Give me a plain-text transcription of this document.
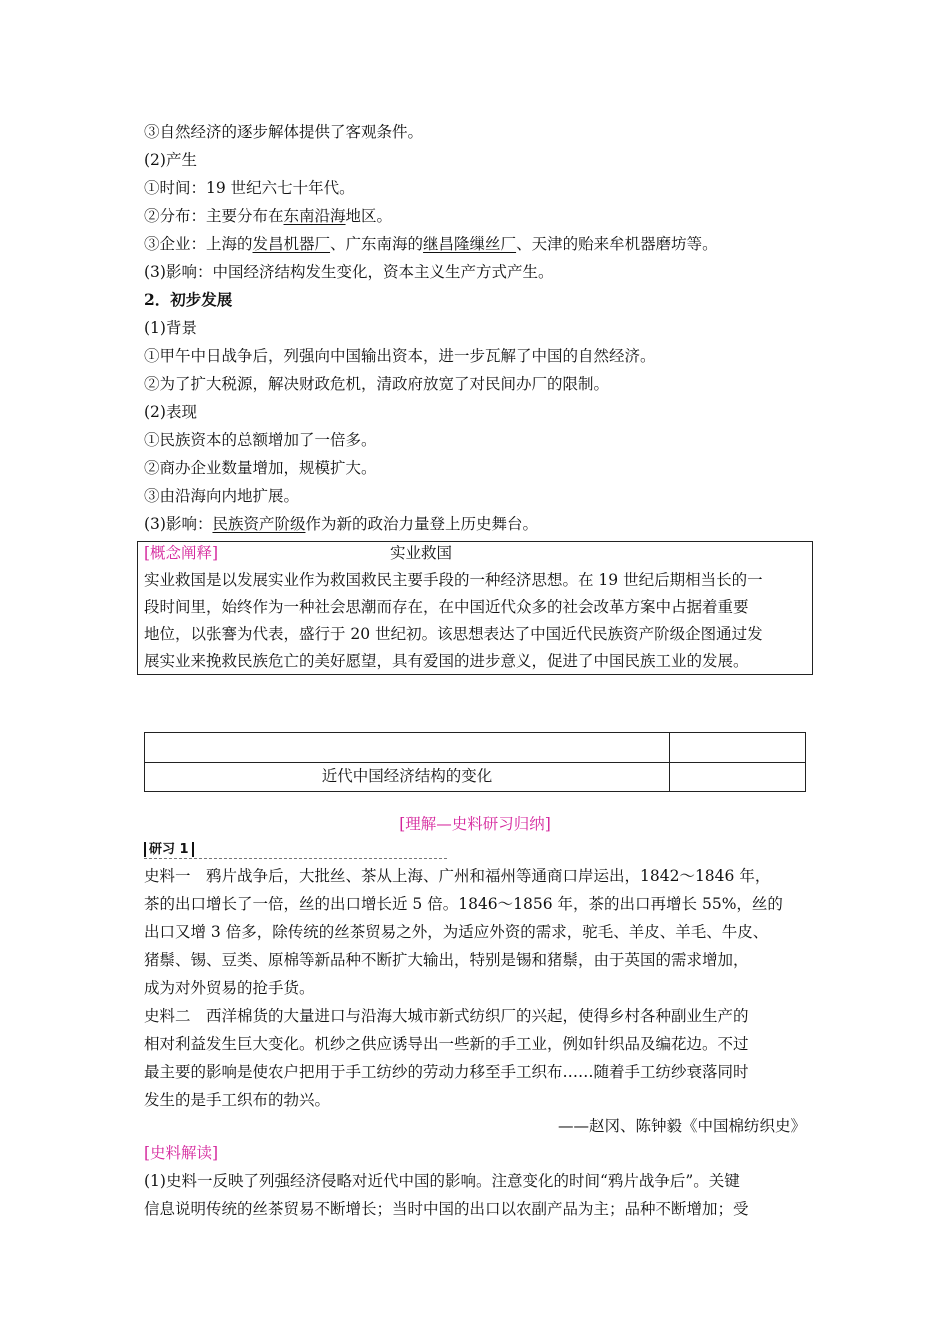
③自然经济的逐步解体提供了客观条件。
(2)产生
①时间：19 世纪六七十年代。
②分布：主要分布在东南沿海地区。
③企业：上海的发昌机器厂、广东南海的继昌隆缫丝厂、天津的贻来牟机器磨坊等。
(3)影响：中国经济结构发生变化，资本主义生产方式产生。
2．初步发展
(1)背景
①甲午中日战争后，列强向中国输出资本，进一步瓦解了中国的自然经济。
②为了扩大税源，解决财政危机，清政府放宽了对民间办厂的限制。
(2)表现
①民族资本的总额增加了一倍多。
②商办企业数量增加，规模扩大。
③由沿海向内地扩展。
(3)影响：民族资产阶级作为新的政治力量登上历史舞台。
[概念阐释]	实业救国
实业救国是以发展实业作为救国救民主要手段的一种经济思想。在 19 世纪后期相当长的一
段时间里，始终作为一种社会思潮而存在，在中国近代众多的社会改革方案中占据着重要
地位，以张謇为代表，盛行于 20 世纪初。该思想表达了中国近代民族资产阶级企图通过发
展实业来挽救民族危亡的美好愿望，具有爱国的进步意义，促进了中国民族工业的发展。
近代中国经济结构的变化
[理解—史料研习归纳]
研习 1
史料一　鸦片战争后，大批丝、茶从上海、广州和福州等通商口岸运出，1842～1846 年，
茶的出口增长了一倍，丝的出口增长近 5 倍。1846～1856 年，茶的出口再增长 55%，丝的
出口又增 3 倍多，除传统的丝茶贸易之外，为适应外资的需求，驼毛、羊皮、羊毛、牛皮、
猪鬃、锡、豆类、原棉等新品种不断扩大输出，特别是锡和猪鬃，由于英国的需求增加，
成为对外贸易的抢手货。
史料二　西洋棉货的大量进口与沿海大城市新式纺织厂的兴起，使得乡村各种副业生产的
相对利益发生巨大变化。机纱之供应诱导出一些新的手工业，例如针织品及编花边。不过
最主要的影响是使农户把用于手工纺纱的劳动力移至手工织布……随着手工纺纱衰落同时
发生的是手工织布的勃兴。
——赵冈、陈钟毅《中国棉纺织史》
[史料解读]
(1)史料一反映了列强经济侵略对近代中国的影响。注意变化的时间“鸦片战争后”。关键
信息说明传统的丝茶贸易不断增长；当时中国的出口以农副产品为主；品种不断增加；受
